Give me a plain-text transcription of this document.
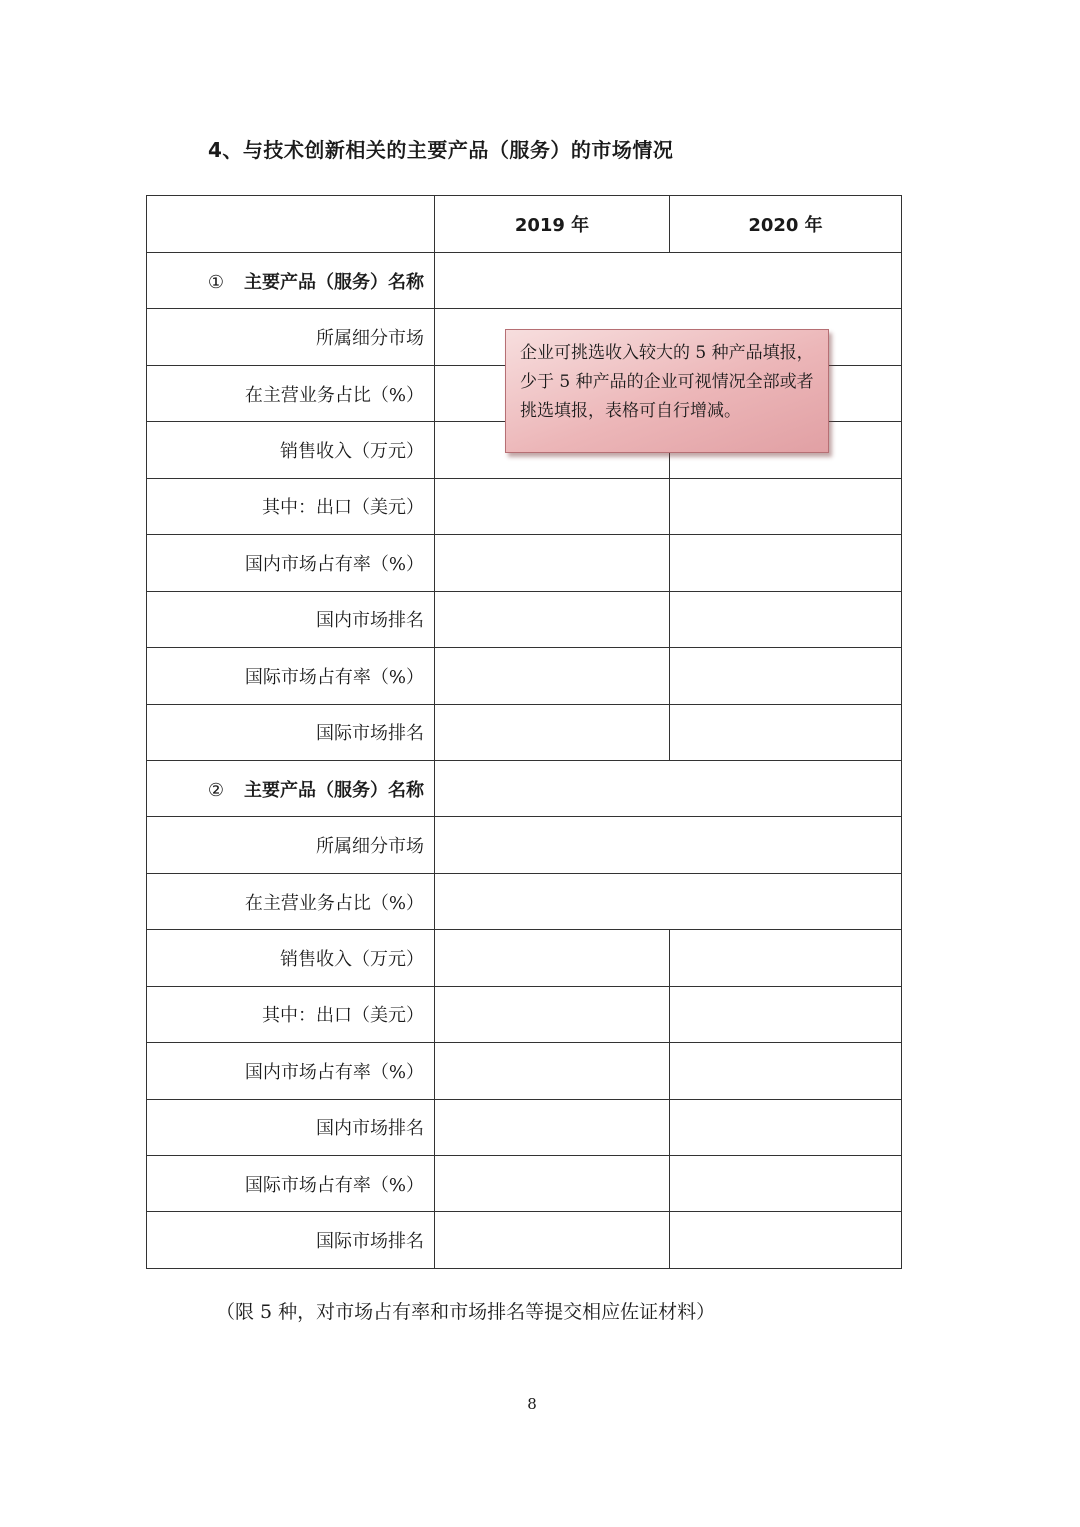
4、与技术创新相关的主要产品（服务）的市场情况
	2019 年	2020 年
① 主要产品（服务）名称		
所属细分市场		
在主营业务占比（%）		
销售收入（万元）		
其中：出口（美元）		
国内市场占有率（%）		
国内市场排名		
国际市场占有率（%）		
国际市场排名		
② 主要产品（服务）名称		
所属细分市场		
在主营业务占比（%）		
销售收入（万元）		
其中：出口（美元）		
国内市场占有率（%）		
国内市场排名		
国际市场占有率（%）		
国际市场排名		
企业可挑选收入较大的 5 种产品填报，少于 5 种产品的企业可视情况全部或者挑选填报，表格可自行增减。

（限 5 种，对市场占有率和市场排名等提交相应佐证材料）

8
